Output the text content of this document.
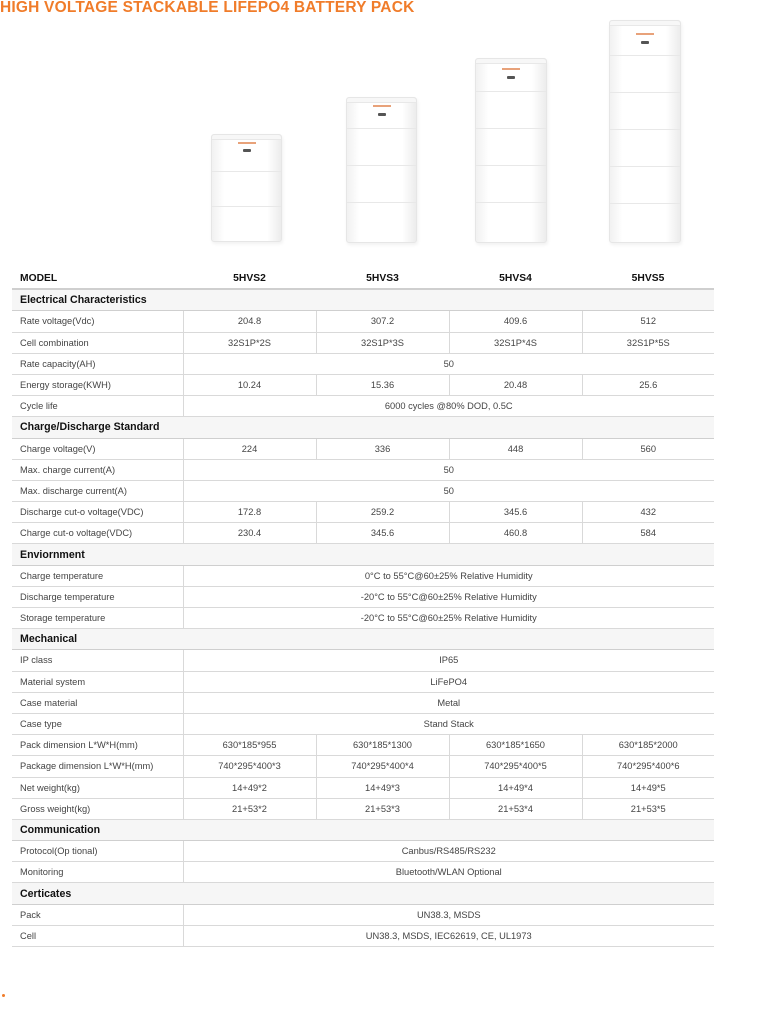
HIGH VOLTAGE STACKABLE LIFEPO4 BATTERY PACK
MODEL	5HVS2	5HVS3	5HVS4	5HVS5
Electrical Characteristics				
Rate voltage(Vdc)	204.8	307.2	409.6	512
Cell combination	32S1P*2S	32S1P*3S	32S1P*4S	32S1P*5S
Rate capacity(AH)	50			
Energy storage(KWH)	10.24	15.36	20.48	25.6
Cycle life	6000 cycles @80% DOD, 0.5C			
Charge/Discharge Standard				
Charge voltage(V)	224	336	448	560
Max. charge current(A)	50			
Max. discharge current(A)	50			
Discharge cut-o voltage(VDC)	172.8	259.2	345.6	432
Charge cut-o voltage(VDC)	230.4	345.6	460.8	584
Enviornment				
Charge temperature	0°C to 55°C@60±25% Relative Humidity			
Discharge temperature	-20°C to 55°C@60±25% Relative Humidity			
Storage temperature	-20°C to 55°C@60±25% Relative Humidity			
Mechanical				
IP class	IP65			
Material system	LiFePO4			
Case material	Metal			
Case type	Stand Stack			
Pack dimension L*W*H(mm)	630*185*955	630*185*1300	630*185*1650	630*185*2000
Package dimension L*W*H(mm)	740*295*400*3	740*295*400*4	740*295*400*5	740*295*400*6
Net weight(kg)	14+49*2	14+49*3	14+49*4	14+49*5
Gross weight(kg)	21+53*2	21+53*3	21+53*4	21+53*5
Communication				
Protocol(Op tional)	Canbus/RS485/RS232			
Monitoring	Bluetooth/WLAN Optional			
Certicates				
Pack	UN38.3, MSDS			
Cell	UN38.3, MSDS, IEC62619, CE, UL1973			
